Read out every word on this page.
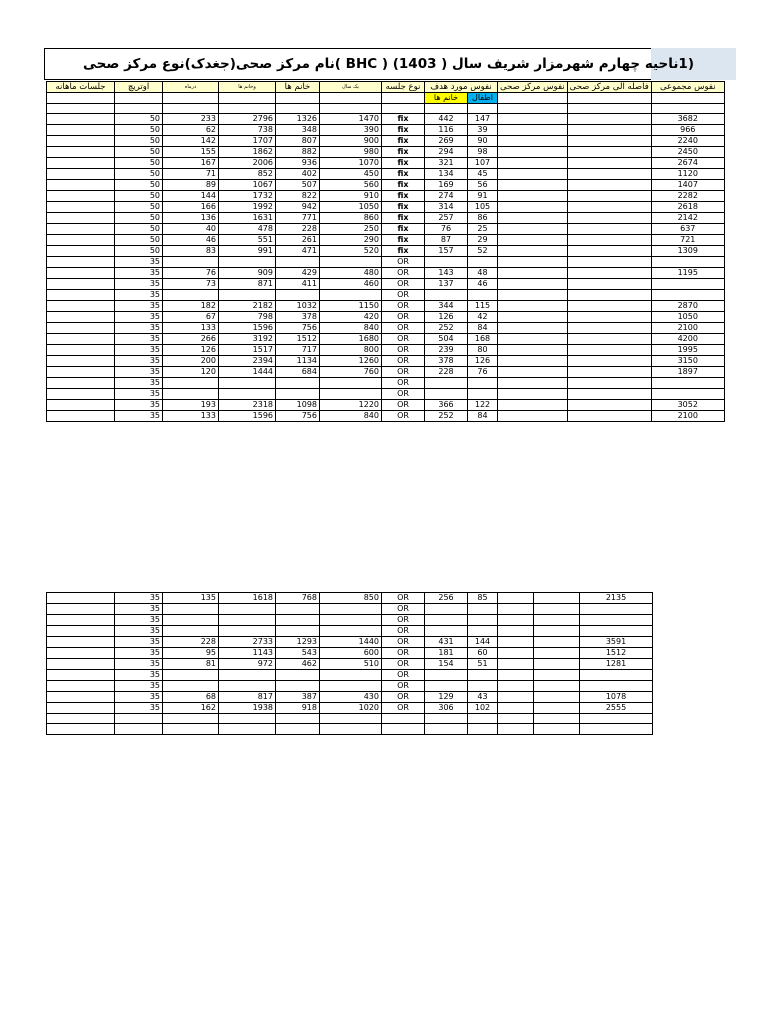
(1ناحیه چهارم شهرمزار شریف سال ( 1403) ( BHC )نام مرکز صحی(جغدک)نوع مرکز صحی
جلسات ماهانه	اوتریچ	درماه	وخانم ها	خانم ها	یک سال	نوع جلسه	نفوس مورد هدف		نفوس مرکز صحی	فاصله الی مرکز صحی	نفوس مجموعی
							خانم ها	اطفال			

	50	233	2796	1326	1470	fix	442	147			3682
	50	62	738	348	390	fix	116	39			966
	50	142	1707	807	900	fix	269	90			2240
	50	155	1862	882	980	fix	294	98			2450
	50	167	2006	936	1070	fix	321	107			2674
	50	71	852	402	450	fix	134	45			1120
	50	89	1067	507	560	fix	169	56			1407
	50	144	1732	822	910	fix	274	91			2282
	50	166	1992	942	1050	fix	314	105			2618
	50	136	1631	771	860	fix	257	86			2142
	50	40	478	228	250	fix	76	25			637
	50	46	551	261	290	fix	87	29			721
	50	83	991	471	520	fix	157	52			1309
	35					OR					
	35	76	909	429	480	OR	143	48			1195
	35	73	871	411	460	OR	137	46			
	35					OR					
	35	182	2182	1032	1150	OR	344	115			2870
	35	67	798	378	420	OR	126	42			1050
	35	133	1596	756	840	OR	252	84			2100
	35	266	3192	1512	1680	OR	504	168			4200
	35	126	1517	717	800	OR	239	80			1995
	35	200	2394	1134	1260	OR	378	126			3150
	35	120	1444	684	760	OR	228	76			1897
	35					OR					
	35					OR					
	35	193	2318	1098	1220	OR	366	122			3052
	35	133	1596	756	840	OR	252	84			2100
	35	135	1618	768	850	OR	256	85			2135
	35					OR					
	35					OR					
	35					OR					
	35	228	2733	1293	1440	OR	431	144			3591
	35	95	1143	543	600	OR	181	60			1512
	35	81	972	462	510	OR	154	51			1281
	35					OR					
	35					OR					
	35	68	817	387	430	OR	129	43			1078
	35	162	1938	918	1020	OR	306	102			2555
